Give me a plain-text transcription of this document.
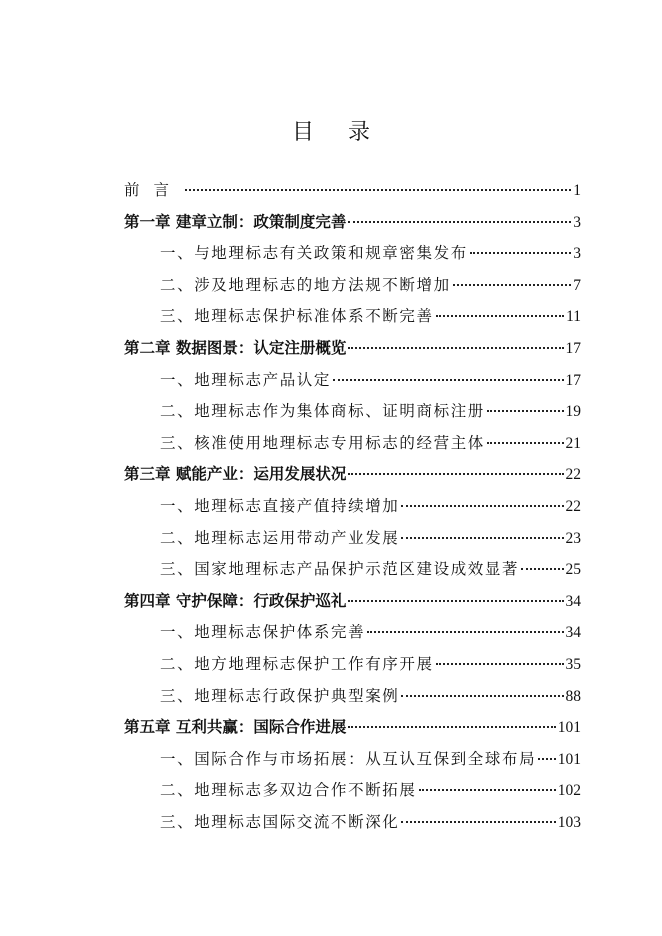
目录
前言	1
第一章 建章立制：政策制度完善	3
一、与地理标志有关政策和规章密集发布	3
二、涉及地理标志的地方法规不断增加	7
三、地理标志保护标准体系不断完善	11
第二章 数据图景：认定注册概览	17
一、地理标志产品认定	17
二、地理标志作为集体商标、证明商标注册	19
三、核准使用地理标志专用标志的经营主体	21
第三章 赋能产业：运用发展状况	22
一、地理标志直接产值持续增加	22
二、地理标志运用带动产业发展	23
三、国家地理标志产品保护示范区建设成效显著	25
第四章 守护保障：行政保护巡礼	34
一、地理标志保护体系完善	34
二、地方地理标志保护工作有序开展	35
三、地理标志行政保护典型案例	88
第五章 互利共赢：国际合作进展	101
一、国际合作与市场拓展：从互认互保到全球布局 101
二、地理标志多双边合作不断拓展	102
三、地理标志国际交流不断深化	103
